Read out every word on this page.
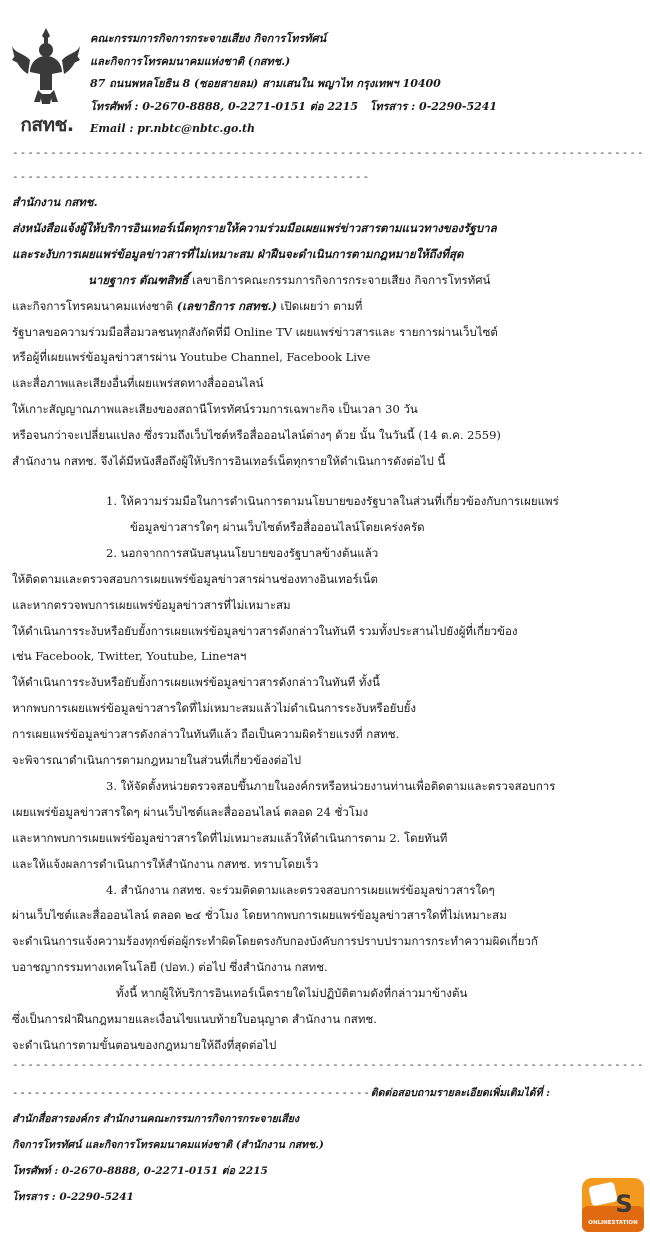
กสทช.
คณะกรรมการกิจการกระจายเสียง กิจการโทรทัศน์
และกิจการโทรคมนาคมแห่งชาติ (กสทช.)
87 ถนนพหลโยธิน 8 (ซอยสายลม) สามเสนใน พญาไท กรุงเทพฯ 10400
โทรศัพท์ : 0-2670-8888, 0-2271-0151 ต่อ 2215   โทรสาร : 0-2290-5241
Email : pr.nbtc@nbtc.go.th
-----------------------------------------------------------------------------------
-----------------------------------------------
สำนักงาน กสทช.
ส่งหนังสือแจ้งผู้ให้บริการอินเทอร์เน็ตทุกรายให้ความร่วมมือเผยแพร่ข่าวสารตามแนวทางของรัฐบาล
และระงับการเผยแพร่ข้อมูลข่าวสารที่ไม่เหมาะสม ฝ่าฝืนจะดำเนินการตามกฎหมายให้ถึงที่สุด
นายฐากร ตัณฑสิทธิ์ เลขาธิการคณะกรรมการกิจการกระจายเสียง กิจการโทรทัศน์
และกิจการโทรคมนาคมแห่งชาติ (เลขาธิการ กสทช.) เปิดเผยว่า ตามที่
รัฐบาลขอความร่วมมือสื่อมวลชนทุกสังกัดที่มี Online TV เผยแพร่ข่าวสารและ รายการผ่านเว็บไซต์
หรือผู้ที่เผยแพร่ข้อมูลข่าวสารผ่าน Youtube Channel, Facebook Live
และสื่อภาพและเสียงอื่นที่เผยแพร่สดทางสื่อออนไลน์
ให้เกาะสัญญาณภาพและเสียงของสถานีโทรทัศน์รวมการเฉพาะกิจ เป็นเวลา 30 วัน
หรือจนกว่าจะเปลี่ยนแปลง ซึ่งรวมถึงเว็บไซต์หรือสื่อออนไลน์ต่างๆ ด้วย นั้น ในวันนี้ (14 ต.ค. 2559)
สำนักงาน กสทช. จึงได้มีหนังสือถึงผู้ให้บริการอินเทอร์เน็ตทุกรายให้ดำเนินการดังต่อไป นี้
1. ให้ความร่วมมือในการดำเนินการตามนโยบายของรัฐบาลในส่วนที่เกี่ยวข้องกับการเผยแพร่
ข้อมูลข่าวสารใดๆ ผ่านเว็บไซต์หรือสื่อออนไลน์โดยเคร่งครัด
2. นอกจากการสนับสนุนนโยบายของรัฐบาลข้างต้นแล้ว
ให้ติดตามและตรวจสอบการเผยแพร่ข้อมูลข่าวสารผ่านช่องทางอินเทอร์เน็ต
และหากตรวจพบการเผยแพร่ข้อมูลข่าวสารที่ไม่เหมาะสม
ให้ดำเนินการระงับหรือยับยั้งการเผยแพร่ข้อมูลข่าวสารดังกล่าวในทันที รวมทั้งประสานไปยังผู้ที่เกี่ยวข้อง
เช่น Facebook, Twitter, Youtube, Lineฯลฯ
ให้ดำเนินการระงับหรือยับยั้งการเผยแพร่ข้อมูลข่าวสารดังกล่าวในทันที ทั้งนี้
หากพบการเผยแพร่ข้อมูลข่าวสารใดที่ไม่เหมาะสมแล้วไม่ดำเนินการระงับหรือยับยั้ง
การเผยแพร่ข้อมูลข่าวสารดังกล่าวในทันทีแล้ว ถือเป็นความผิดร้ายแรงที่ กสทช.
จะพิจารณาดำเนินการตามกฎหมายในส่วนที่เกี่ยวข้องต่อไป
3. ให้จัดตั้งหน่วยตรวจสอบขึ้นภายในองค์กรหรือหน่วยงานท่านเพื่อติดตามและตรวจสอบการ
เผยแพร่ข้อมูลข่าวสารใดๆ ผ่านเว็บไซต์และสื่อออนไลน์ ตลอด 24 ชั่วโมง
และหากพบการเผยแพร่ข้อมูลข่าวสารใดที่ไม่เหมาะสมแล้วให้ดำเนินการตาม 2. โดยทันที
และให้แจ้งผลการดำเนินการให้สำนักงาน กสทช. ทราบโดยเร็ว
4. สำนักงาน กสทช. จะร่วมติดตามและตรวจสอบการเผยแพร่ข้อมูลข่าวสารใดๆ
ผ่านเว็บไซต์และสื่อออนไลน์ ตลอด ๒๔ ชั่วโมง โดยหากพบการเผยแพร่ข้อมูลข่าวสารใดที่ไม่เหมาะสม
จะดำเนินการแจ้งความร้องทุกข์ต่อผู้กระทำผิดโดยตรงกับกองบังคับการปราบปรามการกระทำความผิดเกี่ยวกั
บอาชญากรรมทางเทคโนโลยี (ปอท.) ต่อไป ซึ่งสำนักงาน กสทช.
ทั้งนี้ หากผู้ให้บริการอินเทอร์เน็ตรายใดไม่ปฏิบัติตามดังที่กล่าวมาข้างต้น
ซึ่งเป็นการฝ่าฝืนกฎหมายและเงื่อนไขแนบท้ายใบอนุญาต สำนักงาน กสทช.
จะดำเนินการตามขั้นตอนของกฎหมายให้ถึงที่สุดต่อไป
-----------------------------------------------------------------------------------
-------------------------------------------------ติดต่อสอบถามรายละเอียดเพิ่มเติมได้ที่ :
สำนักสื่อสารองค์กร สำนักงานคณะกรรมการกิจการกระจายเสียง
กิจการโทรทัศน์ และกิจการโทรคมนาคมแห่งชาติ (สำนักงาน กสทช.)
โทรศัพท์ : 0-2670-8888, 0-2271-0151 ต่อ 2215
โทรสาร : 0-2290-5241	S
ONLINESTATION
